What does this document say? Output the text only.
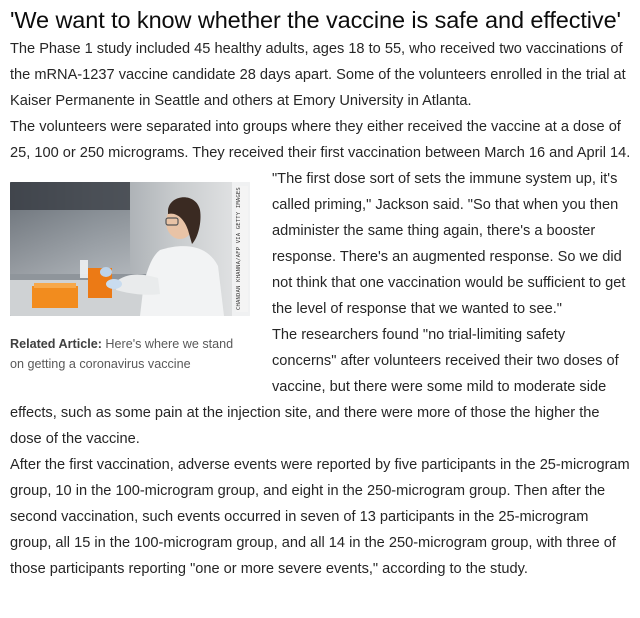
'We want to know whether the vaccine is safe and effective'

The Phase 1 study included 45 healthy adults, ages 18 to 55, who received two vaccinations of the mRNA-1237 vaccine candidate 28 days apart. Some of the volunteers enrolled in the trial at Kaiser Permanente in Seattle and others at Emory University in Atlanta.

The volunteers were separated into groups where they either received the vaccine at a dose of 25, 100 or 250 micrograms. They received their first vaccination between March 16 and April 14.

CHANDAN KHANNA/AFP VIA GETTY IMAGES
Related Article: Here's where we stand on getting a coronavirus vaccine

"The first dose sort of sets the immune system up, it's called priming," Jackson said. "So that when you then administer the same thing again, there's a booster response. There's an augmented response. So we did not think that one vaccination would be sufficient to get the level of response that we wanted to see."

The researchers found "no trial-limiting safety concerns" after volunteers received their two doses of vaccine, but there were some mild to moderate side effects, such as some pain at the injection site, and there were more of those the higher the dose of the vaccine.

After the first vaccination, adverse events were reported by five participants in the 25-microgram group, 10 in the 100-microgram group, and eight in the 250-microgram group. Then after the second vaccination, such events occurred in seven of 13 participants in the 25-microgram group, all 15 in the 100-microgram group, and all 14 in the 250-microgram group, with three of those participants reporting "one or more severe events," according to the study.
